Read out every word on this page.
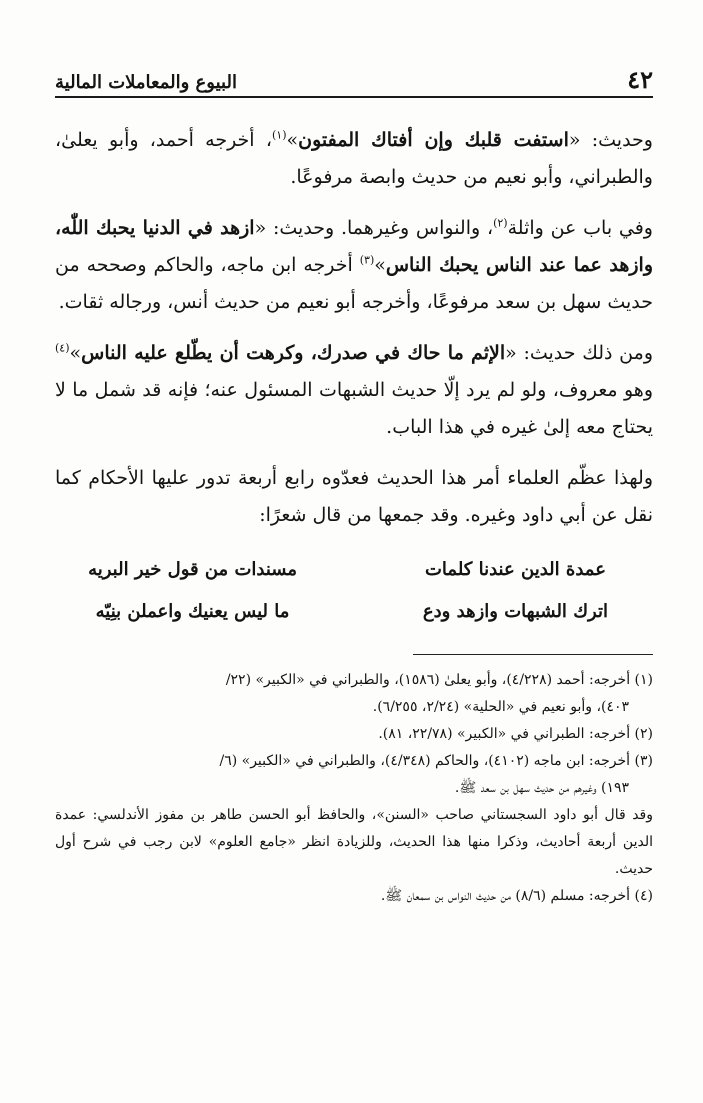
٤٢
البيوع والمعاملات المالية

وحديث: «استفت قلبك وإن أفتاك المفتون»$^{(١)}$، أخرجه أحمد، وأبو يعلىٰ، والطبراني، وأبو نعيم من حديث وابصة مرفوعًا.

وفي باب عن واثلة$^{(٢)}$، والنواس وغيرهما. وحديث: «ازهد في الدنيا يحبك اللّٰه، وازهد عما عند الناس يحبك الناس»$^{(٣)}$ أخرجه ابن ماجه، والحاكم وصححه من حديث سهل بن سعد مرفوعًا، وأخرجه أبو نعيم من حديث أنس، ورجاله ثقات.

ومن ذلك حديث: «الإثم ما حاك في صدرك، وكرهت أن يطّلع عليه الناس»$^{(٤)}$ وهو معروف، ولو لم يرد إلّا حديث الشبهات المسئول عنه؛ فإنه قد شمل ما لا يحتاج معه إلىٰ غيره في هذا الباب.

ولهذا عظّم العلماء أمر هذا الحديث فعدّوه رابع أربعة تدور عليها الأحكام كما نقل عن أبي داود وغيره. وقد جمعها من قال شعرًا:

عمدة الدين عندنا كلمات
مسندات من قول خير البريه
اترك الشبهات وازهد ودع
ما ليس يعنيك واعملن بنِيّه

(١) أخرجه: أحمد (٤/٢٢٨)، وأبو يعلىٰ (١٥٨٦)، والطبراني في «الكبير» (٢٢/

٤٠٣)، وأبو نعيم في «الحلية» (٢/٢٤، ٦/٢٥٥).

(٢) أخرجه: الطبراني في «الكبير» (٢٢/٧٨، ٨١).

(٣) أخرجه: ابن ماجه (٤١٠٢)، والحاكم (٤/٣٤٨)، والطبراني في «الكبير» (٦/

١٩٣) وغيرهم من حديث سهل بن سعد ﷺ.

وقد قال أبو داود السجستاني صاحب «السنن»، والحافظ أبو الحسن طاهر بن مفوز الأندلسي: عمدة الدين أربعة أحاديث، وذكرا منها هذا الحديث، وللزيادة انظر «جامع العلوم» لابن رجب في شرح أول حديث.

(٤) أخرجه: مسلم (٨/٦) من حديث النواس بن سمعان ﷺ.
